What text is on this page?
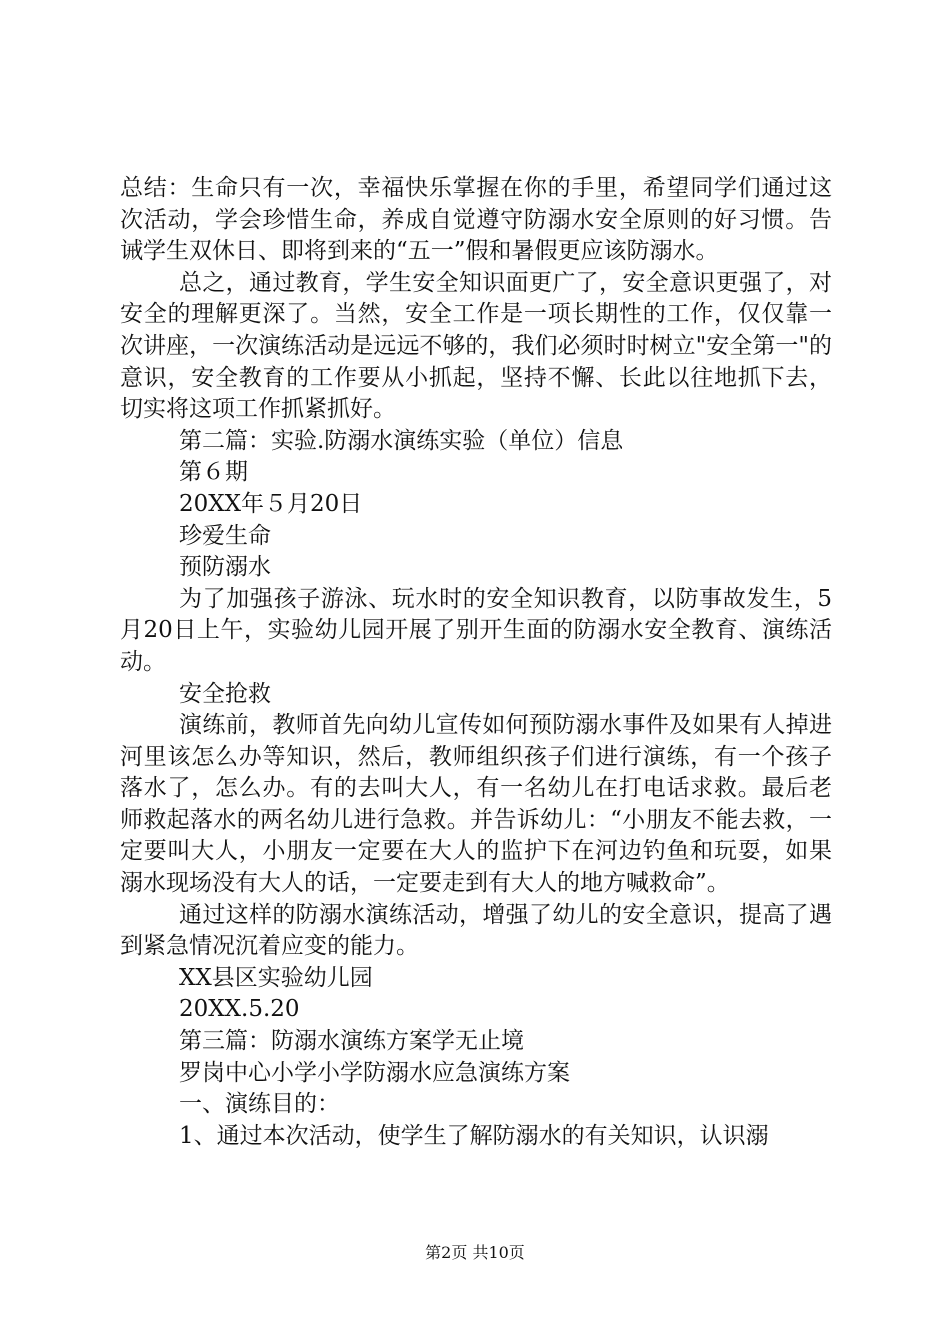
总结：生命只有一次，幸福快乐掌握在你的手里，希望同学们通过这次活动，学会珍惜生命，养成自觉遵守防溺水安全原则的好习惯。告诫学生双休日、即将到来的“五一”假和暑假更应该防溺水。

总之，通过教育，学生安全知识面更广了，安全意识更强了，对安全的理解更深了。当然，安全工作是一项长期性的工作，仅仅靠一次讲座，一次演练活动是远远不够的，我们必须时时树立"安全第一"的意识，安全教育的工作要从小抓起，坚持不懈、长此以往地抓下去，切实将这项工作抓紧抓好。

第二篇：实验.防溺水演练实验（单位）信息

第６期

20XX年５月20日

珍爱生命

预防溺水

为了加强孩子游泳、玩水时的安全知识教育，以防事故发生，5月20日上午，实验幼儿园开展了别开生面的防溺水安全教育、演练活动。

安全抢救

演练前，教师首先向幼儿宣传如何预防溺水事件及如果有人掉进河里该怎么办等知识，然后，教师组织孩子们进行演练，有一个孩子落水了，怎么办。有的去叫大人，有一名幼儿在打电话求救。最后老师救起落水的两名幼儿进行急救。并告诉幼儿：“小朋友不能去救，一定要叫大人，小朋友一定要在大人的监护下在河边钓鱼和玩耍，如果溺水现场没有大人的话，一定要走到有大人的地方喊救命”。

通过这样的防溺水演练活动，增强了幼儿的安全意识，提高了遇到紧急情况沉着应变的能力。

XX县区实验幼儿园

20XX.5.20

第三篇：防溺水演练方案学无止境

罗岗中心小学小学防溺水应急演练方案

一、演练目的：

1、通过本次活动，使学生了解防溺水的有关知识，认识溺

第2页 共10页
